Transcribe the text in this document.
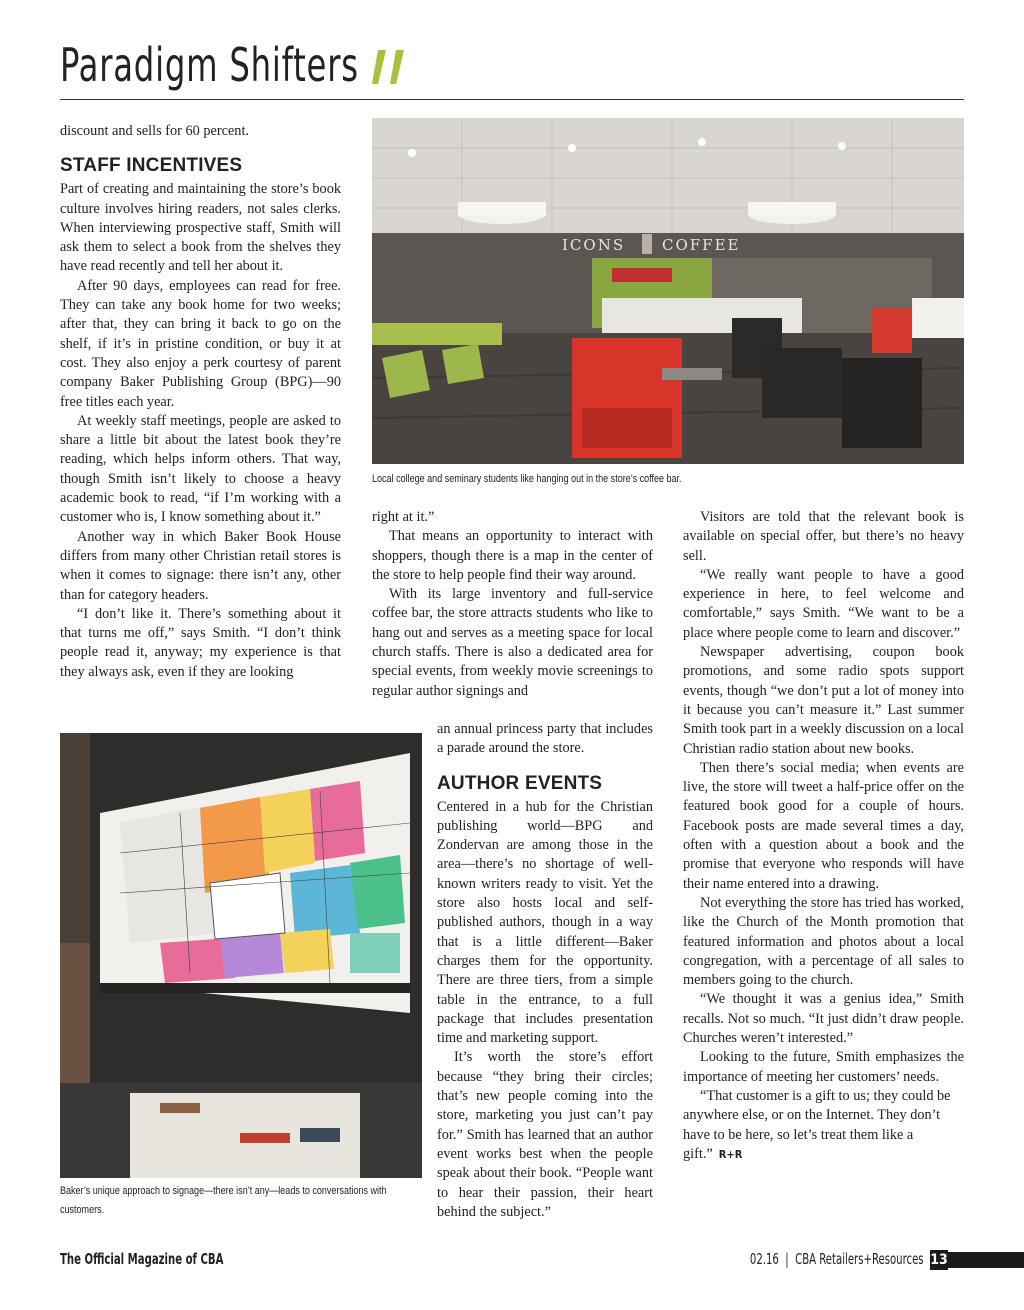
Paradigm Shifters

discount and sells for 60 percent.

STAFF INCENTIVES

Part of creating and maintaining the store’s book culture involves hiring readers, not sales clerks. When interviewing prospective staff, Smith will ask them to select a book from the shelves they have read recently and tell her about it.

After 90 days, employees can read for free. They can take any book home for two weeks; after that, they can bring it back to go on the shelf, if it’s in pristine condition, or buy it at cost. They also enjoy a perk courtesy of parent company Baker Publishing Group (BPG)—90 free titles each year.

At weekly staff meetings, people are asked to share a little bit about the latest book they’re reading, which helps inform others. That way, though Smith isn’t likely to choose a heavy academic book to read, “if I’m working with a customer who is, I know something about it.”

Another way in which Baker Book House differs from many other Christian retail stores is when it comes to signage: there isn’t any, other than for category headers.

“I don’t like it. There’s something about it that turns me off,” says Smith. “I don’t think people read it, anyway; my experience is that they always ask, even if they are looking

ICONS COFFEE
Local college and seminary students like hanging out in the store’s coffee bar.

right at it.”

That means an opportunity to interact with shoppers, though there is a map in the center of the store to help people find their way around.

With its large inventory and full-service coffee bar, the store attracts students who like to hang out and serves as a meeting space for local church staffs. There is also a dedicated area for special events, from weekly movie screenings to regular author signings and

an annual princess party that includes a parade around the store.

AUTHOR EVENTS

Centered in a hub for the Christian publishing world—BPG and Zondervan are among those in the area—there’s no shortage of well-known writers ready to visit. Yet the store also hosts local and self-published authors, though in a way that is a little different—Baker charges them for the opportunity. There are three tiers, from a simple table in the entrance, to a full package that includes presentation time and marketing support.

It’s worth the store’s effort because “they bring their circles; that’s new people coming into the store, marketing you just can’t pay for.” Smith has learned that an author event works best when the people speak about their book. “People want to hear their passion, their heart behind the subject.”

Baker’s unique approach to signage—there isn’t any—leads to conversations with
customers.

Visitors are told that the relevant book is available on special offer, but there’s no heavy sell.

“We really want people to have a good experience in here, to feel welcome and comfortable,” says Smith. “We want to be a place where people come to learn and discover.”

Newspaper advertising, coupon book promotions, and some radio spots support events, though “we don’t put a lot of money into it because you can’t measure it.” Last summer Smith took part in a weekly discussion on a local Christian radio station about new books.

Then there’s social media; when events are live, the store will tweet a half-price offer on the featured book good for a couple of hours. Facebook posts are made several times a day, often with a question about a book and the promise that everyone who responds will have their name entered into a drawing.

Not everything the store has tried has worked, like the Church of the Month promotion that featured information and photos about a local congregation, with a percentage of all sales to members going to the church.

“We thought it was a genius idea,” Smith recalls. Not so much. “It just didn’t draw people. Churches weren’t interested.”

Looking to the future, Smith emphasizes the importance of meeting her customers’ needs.

“That customer is a gift to us; they could be anywhere else, or on the Internet. They don’t have to be here, so let’s treat them like a gift.” R+R

The Official Magazine of CBA	02.16  |  CBA Retailers+Resources 13
